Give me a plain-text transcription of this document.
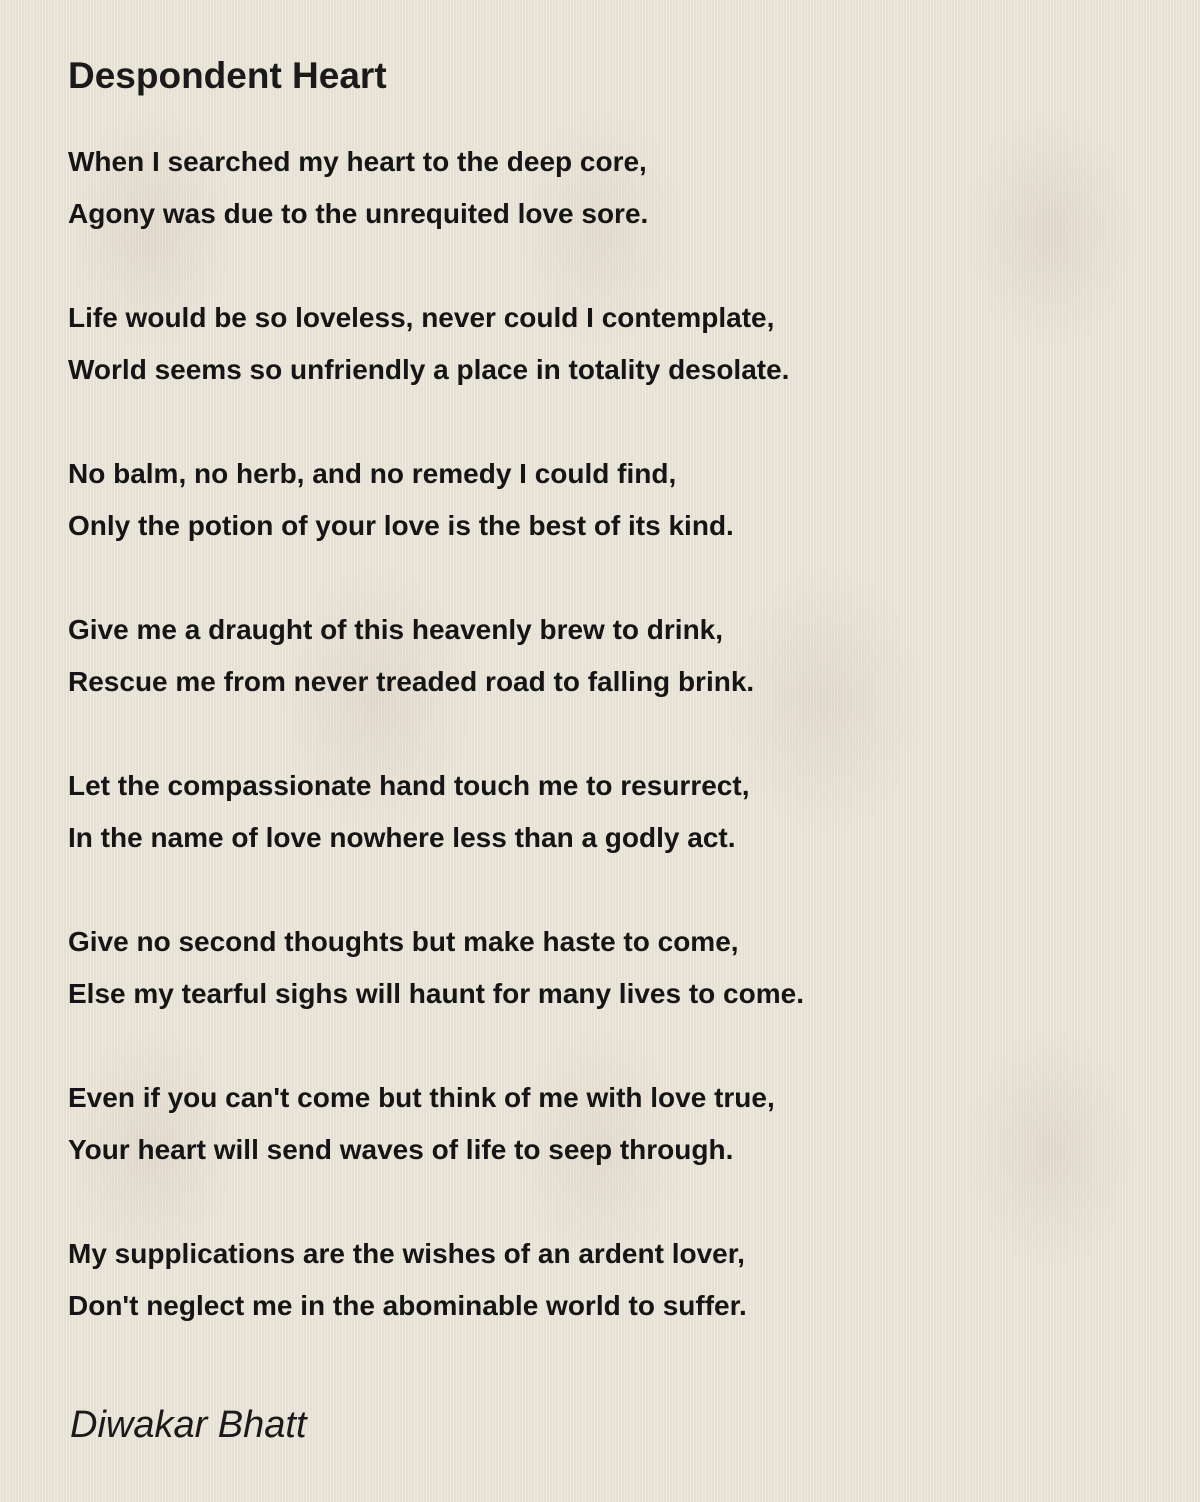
Despondent Heart
When I searched my heart to the deep core,
Agony was due to the unrequited love sore.
Life would be so loveless, never could I contemplate,
World seems so unfriendly a place in totality desolate.
No balm, no herb, and no remedy I could find,
Only the potion of your love is the best of its kind.
Give me a draught of this heavenly brew to drink,
Rescue me from never treaded road to falling brink.
Let the compassionate hand touch me to resurrect,
In the name of love nowhere less than a godly act.
Give no second thoughts but make haste to come,
Else my tearful sighs will haunt for many lives to come.
Even if you can't come but think of me with love true,
Your heart will send waves of life to seep through.
My supplications are the wishes of an ardent lover,
Don't neglect me in the abominable world to suffer.
Diwakar Bhatt
